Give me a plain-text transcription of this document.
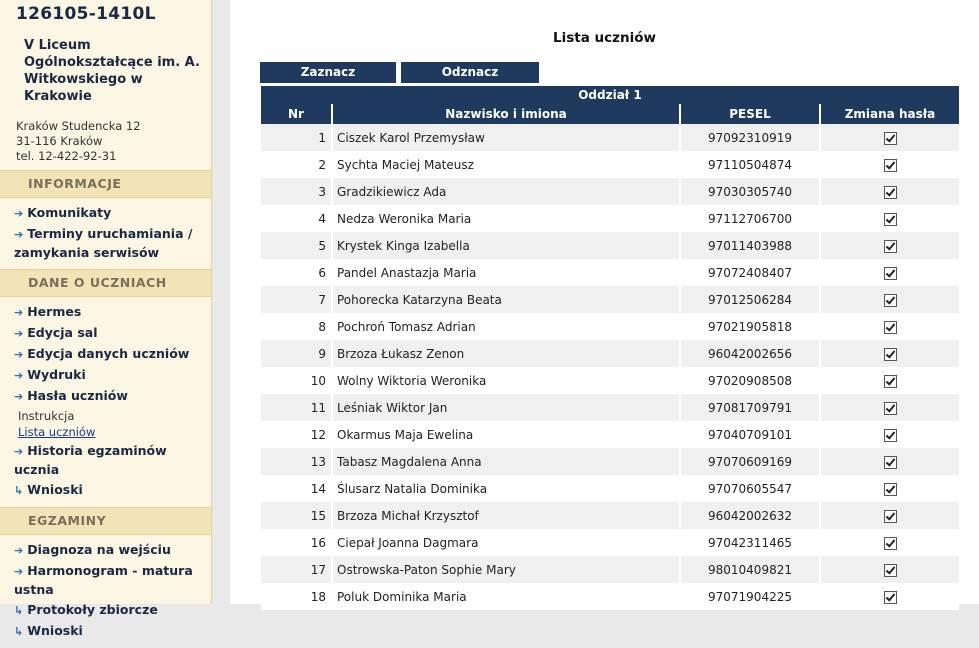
126105-1410L
V Liceum
Ogólnokształcące im. A.
Witkowskiego w Krakowie
Kraków Studencka 12
31-116 Kraków
tel. 12-422-92-31
INFORMACJE
➔ Komunikaty
➔ Terminy uruchamiania / zamykania serwisów
DANE O UCZNIACH
➔ Hermes
➔ Edycja sal
➔ Edycja danych uczniów
➔ Wydruki
➔ Hasła uczniów
Instrukcja
Lista uczniów
➔ Historia egzaminów ucznia
↳ Wnioski
EGZAMINY
➔ Diagnoza na wejściu
➔ Harmonogram - matura ustna
↳ Protokoły zbiorcze
↳ Wnioski
Lista uczniów
Zaznacz	Odznacz
Oddział 1
Nr	Nazwisko i imiona	PESEL	Zmiana hasła
1	Ciszek Karol Przemysław	97092310919	
2	Sychta Maciej Mateusz	97110504874	
3	Gradzikiewicz Ada	97030305740	
4	Nedza Weronika Maria	97112706700	
5	Krystek Kinga Izabella	97011403988	
6	Pandel Anastazja Maria	97072408407	
7	Pohorecka Katarzyna Beata	97012506284	
8	Pochroń Tomasz Adrian	97021905818	
9	Brzoza Łukasz Zenon	96042002656	
10	Wolny Wiktoria Weronika	97020908508	
11	Leśniak Wiktor Jan	97081709791	
12	Okarmus Maja Ewelina	97040709101	
13	Tabasz Magdalena Anna	97070609169	
14	Ślusarz Natalia Dominika	97070605547	
15	Brzoza Michał Krzysztof	96042002632	
16	Ciepał Joanna Dagmara	97042311465	
17	Ostrowska-Paton Sophie Mary	98010409821	
18	Poluk Dominika Maria	97071904225	
